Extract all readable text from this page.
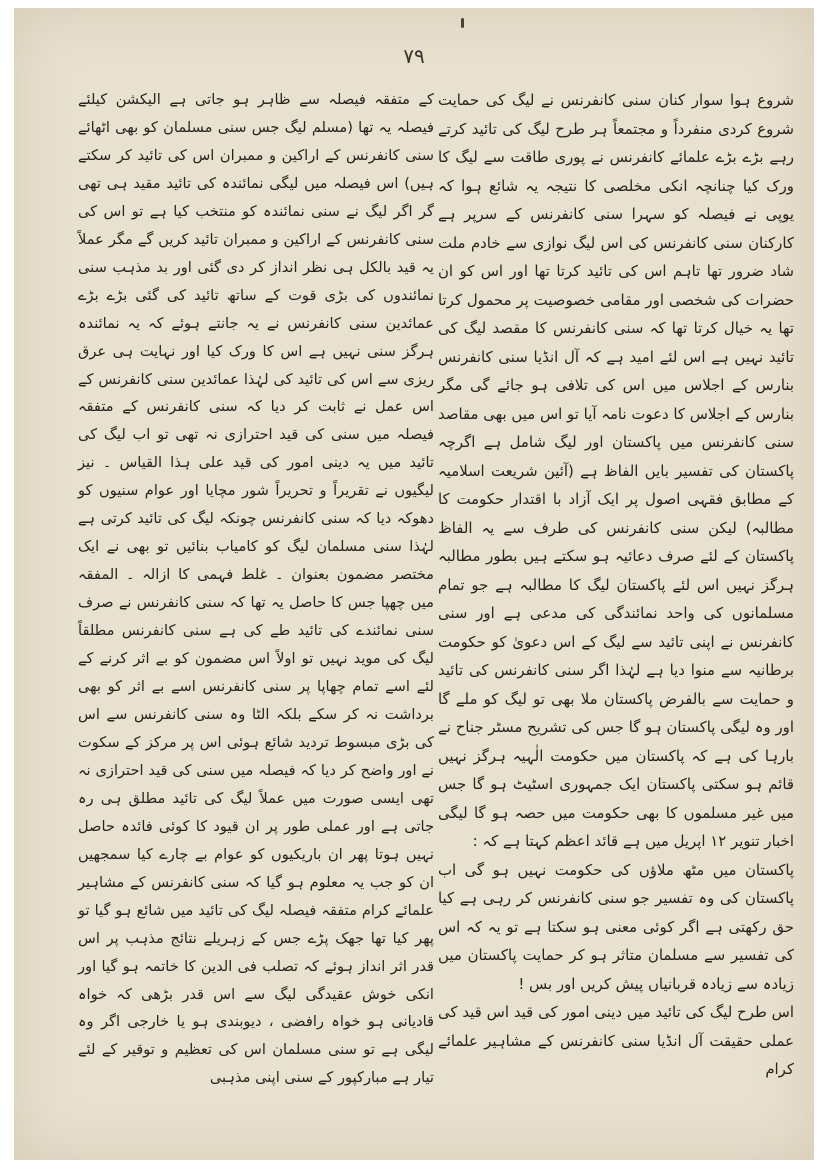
۷۹

شروع ہوا سوار کنان سنی کانفرنس نے لیگ کی حمایت شروع کردی منفرداً و مجتمعاً ہر طرح لیگ کی تائید کرتے رہے بڑے بڑے علمائے کانفرنس نے پوری طاقت سے لیگ کا ورک کیا چنانچہ انکی مخلصی کا نتیجہ یہ شائع ہوا کہ یوپی نے فیصلہ کو سہرا سنی کانفرنس کے سرپر ہے کارکنان سنی کانفرنس کی اس لیگ نوازی سے خادم ملت شاد ضرور تھا تاہم اس کی تائید کرتا تھا اور اس کو ان حضرات کی شخصی اور مقامی خصوصیت پر محمول کرتا تھا یہ خیال کرتا تھا کہ سنی کانفرنس کا مقصد لیگ کی تائید نہیں ہے اس لئے امید ہے کہ آل انڈیا سنی کانفرنس بنارس کے اجلاس میں اس کی تلافی ہو جائے گی مگر بنارس کے اجلاس کا دعوت نامہ آیا تو اس میں بھی مقاصد سنی کانفرنس میں پاکستان اور لیگ شامل ہے اگرچہ پاکستان کی تفسیر بایں الفاظ ہے (آئین شریعت اسلامیہ کے مطابق فقہی اصول پر ایک آزاد با اقتدار حکومت کا مطالبہ) لیکن سنی کانفرنس کی طرف سے یہ الفاظ پاکستان کے لئے صرف دعائیہ ہو سکتے ہیں بطور مطالبہ ہرگز نہیں اس لئے پاکستان لیگ کا مطالبہ ہے جو تمام مسلمانوں کی واحد نمائندگی کی مدعی ہے اور سنی کانفرنس نے اپنی تائید سے لیگ کے اس دعویٰ کو حکومت برطانیہ سے منوا دیا ہے لہٰذا اگر سنی کانفرنس کی تائید و حمایت سے بالفرض پاکستان ملا بھی تو لیگ کو ملے گا اور وہ لیگی پاکستان ہو گا جس کی تشریح مسٹر جناح نے بارہا کی ہے کہ پاکستان میں حکومت الٰہیہ ہرگز نہیں قائم ہو سکتی پاکستان ایک جمہوری اسٹیٹ ہو گا جس میں غیر مسلموں کا بھی حکومت میں حصہ ہو گا لیگی اخبار تنویر ۱۲ اپریل میں ہے قائد اعظم کہتا ہے کہ :

پاکستان میں مٹھ ملاؤں کی حکومت نہیں ہو گی اب پاکستان کی وہ تفسیر جو سنی کانفرنس کر رہی ہے کیا حق رکھتی ہے اگر کوئی معنی ہو سکتا ہے تو یہ کہ اس کی تفسیر سے مسلمان متاثر ہو کر حمایت پاکستان میں زیادہ سے زیادہ قربانیاں پیش کریں اور بس !

اس طرح لیگ کی تائید میں دینی امور کی قید اس قید کی عملی حقیقت آل انڈیا سنی کانفرنس کے مشاہیر علمائے کرام

کے متفقہ فیصلہ سے ظاہر ہو جاتی ہے الیکشن کیلئے فیصلہ یہ تھا (مسلم لیگ جس سنی مسلمان کو بھی اٹھائے سنی کانفرنس کے اراکین و ممبران اس کی تائید کر سکتے ہیں) اس فیصلہ میں لیگی نمائندہ کی تائید مقید ہی تھی گر اگر لیگ نے سنی نمائندہ کو منتخب کیا ہے تو اس کی سنی کانفرنس کے اراکین و ممبران تائید کریں گے مگر عملاً یہ قید بالکل ہی نظر انداز کر دی گئی اور بد مذہب سنی نمائندوں کی بڑی قوت کے ساتھ تائید کی گئی بڑے بڑے عمائدین سنی کانفرنس نے یہ جانتے ہوئے کہ یہ نمائندہ ہرگز سنی نہیں ہے اس کا ورک کیا اور نہایت ہی عرق ریزی سے اس کی تائید کی لہٰذا عمائدین سنی کانفرنس کے اس عمل نے ثابت کر دیا کہ سنی کانفرنس کے متفقہ فیصلہ میں سنی کی قید احترازی نہ تھی تو اب لیگ کی تائید میں یہ دینی امور کی قید علی ہذا القیاس ۔ نیز لیگیوں نے تقریراً و تحریراً شور مچایا اور عوام سنیوں کو دھوکہ دیا کہ سنی کانفرنس چونکہ لیگ کی تائید کرتی ہے لہٰذا سنی مسلمان لیگ کو کامیاب بنائیں تو بھی نے ایک مختصر مضمون بعنوان ۔ غلط فہمی کا ازالہ ۔ المفقہ میں چھپا جس کا حاصل یہ تھا کہ سنی کانفرنس نے صرف سنی نمائندے کی تائید طے کی ہے سنی کانفرنس مطلقاً لیگ کی موید نہیں تو اولاً اس مضمون کو بے اثر کرنے کے لئے اسے تمام چھاپا پر سنی کانفرنس اسے بے اثر کو بھی برداشت نہ کر سکے بلکہ الٹا وہ سنی کانفرنس سے اس کی بڑی مبسوط تردید شائع ہوئی اس پر مرکز کے سکوت نے اور واضح کر دیا کہ فیصلہ میں سنی کی قید احترازی نہ تھی ایسی صورت میں عملاً لیگ کی تائید مطلق ہی رہ جاتی ہے اور عملی طور پر ان قیود کا کوئی فائدہ حاصل نہیں ہوتا پھر ان باریکیوں کو عوام بے چارے کیا سمجھیں ان کو جب یہ معلوم ہو گیا کہ سنی کانفرنس کے مشاہیر علمائے کرام متفقہ فیصلہ لیگ کی تائید میں شائع ہو گیا تو پھر کیا تھا جھک پڑے جس کے زہریلے نتائج مذہب پر اس قدر اثر انداز ہوئے کہ تصلب فی الدین کا خاتمہ ہو گیا اور انکی خوش عقیدگی لیگ سے اس قدر بڑھی کہ خواہ قادیانی ہو خواہ رافضی ، دیوبندی ہو یا خارجی اگر وہ لیگی ہے تو سنی مسلمان اس کی تعظیم و توقیر کے لئے تیار ہے مبارکپور کے سنی اپنی مذہبی
